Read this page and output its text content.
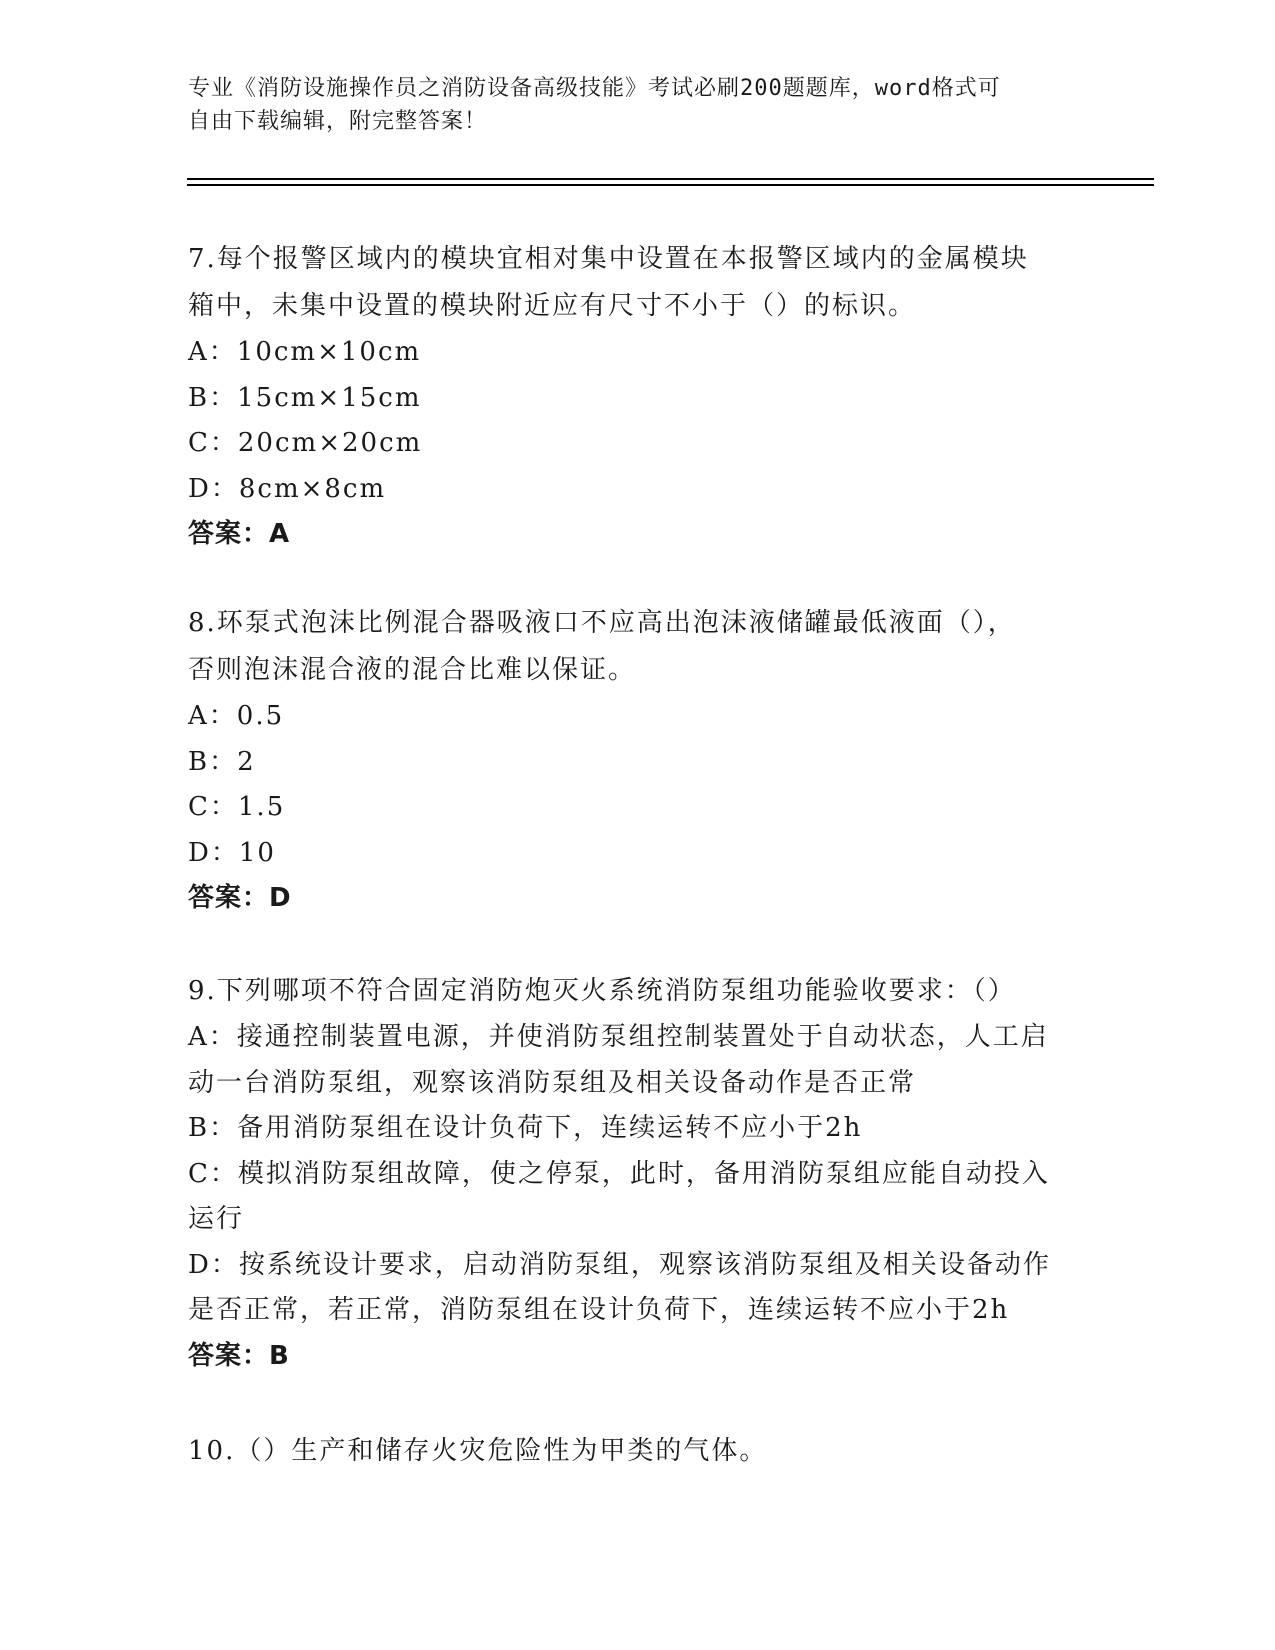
专业《消防设施操作员之消防设备高级技能》考试必刷200题题库，word格式可
自由下载编辑，附完整答案！
7.每个报警区域内的模块宜相对集中设置在本报警区域内的金属模块
箱中，未集中设置的模块附近应有尺寸不小于（）的标识。
A：10cm×10cm
B：15cm×15cm
C：20cm×20cm
D：8cm×8cm
答案：A
8.环泵式泡沫比例混合器吸液口不应高出泡沫液储罐最低液面（），
否则泡沫混合液的混合比难以保证。
A：0.5
B：2
C：1.5
D：10
答案：D
9.下列哪项不符合固定消防炮灭火系统消防泵组功能验收要求：（）
A：接通控制装置电源，并使消防泵组控制装置处于自动状态，人工启
动一台消防泵组，观察该消防泵组及相关设备动作是否正常
B：备用消防泵组在设计负荷下，连续运转不应小于2h
C：模拟消防泵组故障，使之停泵，此时，备用消防泵组应能自动投入
运行
D：按系统设计要求，启动消防泵组，观察该消防泵组及相关设备动作
是否正常，若正常，消防泵组在设计负荷下，连续运转不应小于2h
答案：B
10.（）生产和储存火灾危险性为甲类的气体。
